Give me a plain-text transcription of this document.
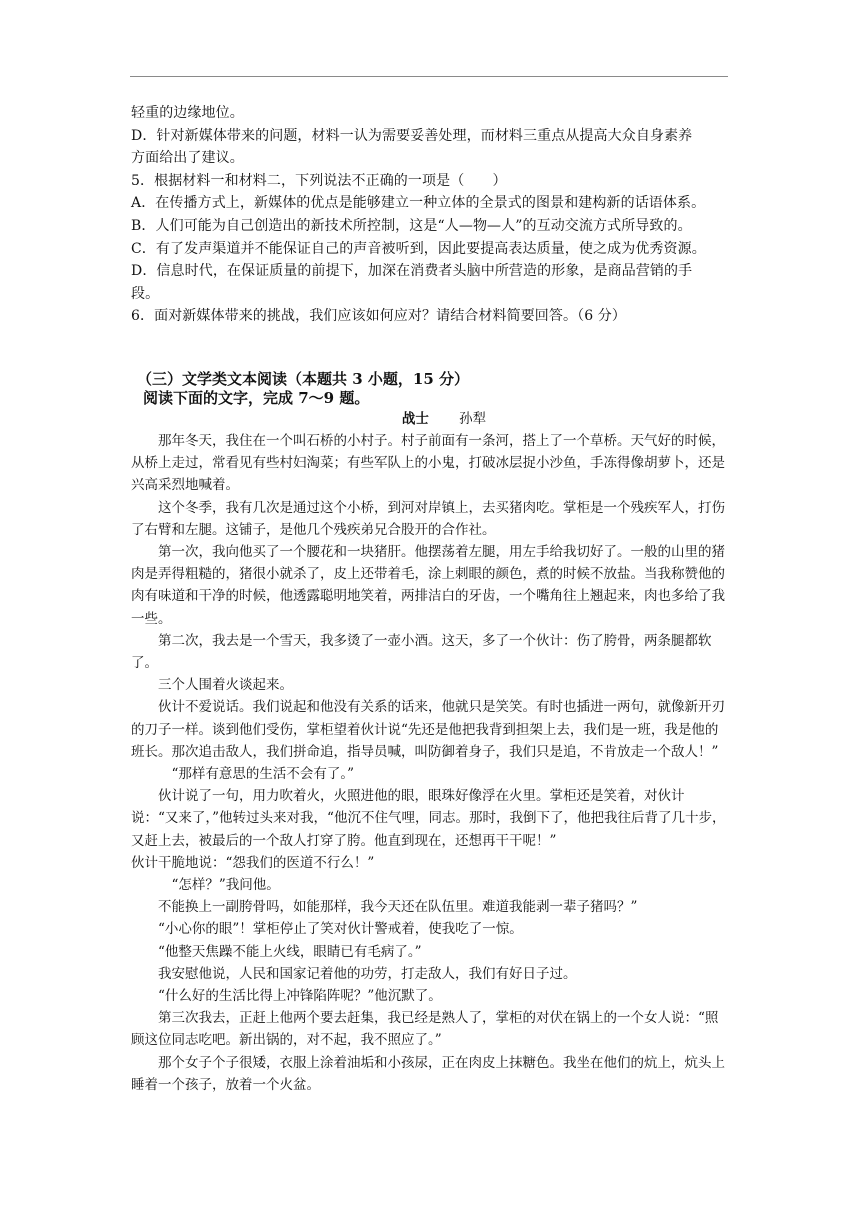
轻重的边缘地位。

D．针对新媒体带来的问题，材料一认为需要妥善处理，而材料三重点从提高大众自身素养

方面给出了建议。

5．根据材料一和材料二，下列说法不正确的一项是（　　）

A．在传播方式上，新媒体的优点是能够建立一种立体的全景式的图景和建构新的话语体系。

B．人们可能为自己创造出的新技术所控制，这是“人—物—人”的互动交流方式所导致的。

C．有了发声渠道并不能保证自己的声音被听到，因此要提高表达质量，使之成为优秀资源。

D．信息时代，在保证质量的前提下，加深在消费者头脑中所营造的形象，是商品营销的手

段。

6．面对新媒体带来的挑战，我们应该如何应对？请结合材料简要回答。（6 分）

（三）文学类文本阅读（本题共 3 小题，15 分）

阅读下面的文字，完成 7～9 题。

战士 孙犁

那年冬天，我住在一个叫石桥的小村子。村子前面有一条河，搭上了一个草桥。天气好的时候，从桥上走过，常看见有些村妇淘菜；有些军队上的小鬼，打破冰层捉小沙鱼，手冻得像胡萝卜，还是兴高采烈地喊着。

这个冬季，我有几次是通过这个小桥，到河对岸镇上，去买猪肉吃。掌柜是一个残疾军人，打伤了右臂和左腿。这铺子，是他几个残疾弟兄合股开的合作社。

第一次，我向他买了一个腰花和一块猪肝。他摆荡着左腿，用左手给我切好了。一般的山里的猪肉是弄得粗糙的，猪很小就杀了，皮上还带着毛，涂上刺眼的颜色，煮的时候不放盐。当我称赞他的肉有味道和干净的时候，他透露聪明地笑着，两排洁白的牙齿，一个嘴角往上翘起来，肉也多给了我一些。

第二次，我去是一个雪天，我多烫了一壶小酒。这天，多了一个伙计：伤了胯骨，两条腿都软了。

三个人围着火谈起来。

伙计不爱说话。我们说起和他没有关系的话来，他就只是笑笑。有时也插进一两句，就像新开刃的刀子一样。谈到他们受伤，掌柜望着伙计说“先还是他把我背到担架上去，我们是一班，我是他的班长。那次追击敌人，我们拼命追，指导员喊，叫防御着身子，我们只是追，不肯放走一个敌人！”

“那样有意思的生活不会有了。”

伙计说了一句，用力吹着火，火照进他的眼，眼珠好像浮在火里。掌柜还是笑着，对伙计说：“又来了，”他转过头来对我，“他沉不住气哩，同志。那时，我倒下了，他把我往后背了几十步，又赶上去，被最后的一个敌人打穿了胯。他直到现在，还想再干干呢！”

伙计干脆地说：“怨我们的医道不行么！”

“怎样？”我问他。

不能换上一副胯骨吗，如能那样，我今天还在队伍里。难道我能剥一辈子猪吗？”

“小心你的眼”！掌柜停止了笑对伙计警戒着，使我吃了一惊。

“他整天焦躁不能上火线，眼睛已有毛病了。”

我安慰他说，人民和国家记着他的功劳，打走敌人，我们有好日子过。

“什么好的生活比得上冲锋陷阵呢？”他沉默了。

第三次我去，正赶上他两个要去赶集，我已经是熟人了，掌柜的对伏在锅上的一个女人说：“照顾这位同志吃吧。新出锅的，对不起，我不照应了。”

那个女子个子很矮，衣服上涂着油垢和小孩尿，正在肉皮上抹糖色。我坐在他们的炕上，炕头上睡着一个孩子，放着一个火盆。
